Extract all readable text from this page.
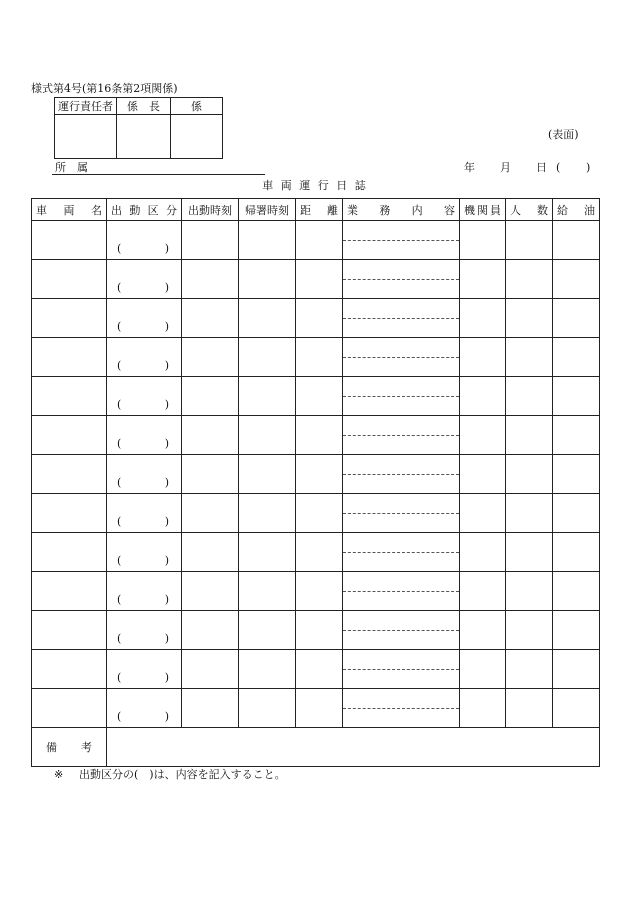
様式第4号(第16条第2項関係)
運行責任者	係　長	係

(表面)
所　属	年 月 日 ( )
車 両 運 行 日 誌
車 両 名	出 動 区 分	出動時刻	帰署時刻	距 離	業 務 内 容	機 関 員	人 数	給 油

	( )							

	( )							

	( )							

	( )							

	( )							

	( )							

	( )							

	( )							

	( )							

	( )							

	( )							

	( )							

	( )							

備 考								

※ 出動区分の(　)は、内容を記入すること。
